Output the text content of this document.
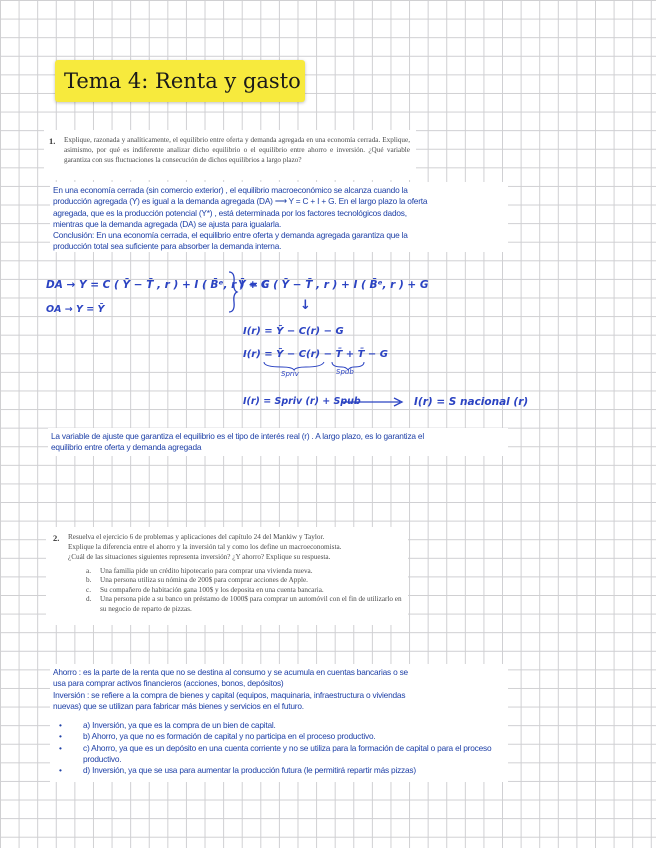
Tema 4: Renta y gasto
1. Explique, razonada y analíticamente, el equilibrio entre oferta y demanda agregada en una economía cerrada. Explique, asimismo, por qué es indiferente analizar dicho equilibrio o el equilibrio entre ahorro e inversión. ¿Qué variable garantiza con sus fluctuaciones la consecución de dichos equilibrios a largo plazo?
En una economía cerrada (sin comercio exterior) , el equilibrio macroeconómico se alcanza cuando la
producción agregada (Y) es igual a la demanda agregada (DA) ⟶ Y = C + I + G. En el largo plazo la oferta
agregada, que es la producción potencial (Y*) , está determinada por los factores tecnológicos dados,
mientras que la demanda agregada (DA) se ajusta para igualarla.
Conclusión: En una economía cerrada, el equilibrio entre oferta y demanda agregada garantiza que la
producción total sea suficiente para absorber la demanda interna.
DA → Y = C ( Ȳ − T̄ , r ) + I ( B̄ᵉ, r ) + G
OA → Y = Ȳ
Ȳ = C ( Ȳ − T̄ , r ) + I ( B̄ᵉ, r ) + G
↓
I(r) = Ȳ − C(r) − G
I(r) = Ȳ − C(r) − T̄ + T̄ − G
Spriv	Spub
I(r) = Spriv (r) + Spub	I(r) = S nacional (r)
La variable de ajuste que garantiza el equilibrio es el tipo de interés real (r) . A largo plazo, es lo garantiza el
equilibrio entre oferta y demanda agregada
2. Resuelva el ejercicio 6 de problemas y aplicaciones del capítulo 24 del Mankiw y Taylor.
Explique la diferencia entre el ahorro y la inversión tal y como los define un macroeconomista.
¿Cuál de las situaciones siguientes representa inversión? ¿Y ahorro? Explique su respuesta.
a.	Una familia pide un crédito hipotecario para comprar una vivienda nueva.
b.	Una persona utiliza su nómina de 200$ para comprar acciones de Apple.
c.	Su compañero de habitación gana 100$ y los deposita en una cuenta bancaria.
d.	Una persona pide a su banco un préstamo de 1000$ para comprar un automóvil con el fin de utilizarlo en su negocio de reparto de pizzas.
Ahorro : es la parte de la renta que no se destina al consumo y se acumula en cuentas bancarias o se
usa para comprar activos financieros (acciones, bonos, depósitos)
Inversión : se refiere a la compra de bienes y capital (equipos, maquinaria, infraestructura o viviendas
nuevas) que se utilizan para fabricar más bienes y servicios en el futuro.
• a) Inversión, ya que es la compra de un bien de capital.
• b) Ahorro, ya que no es formación de capital y no participa en el proceso productivo.
• c) Ahorro, ya que es un depósito en una cuenta corriente y no se utiliza para la formación de capital o para el proceso productivo.
• d) Inversión, ya que se usa para aumentar la producción futura (le permitirá repartir más pizzas)
